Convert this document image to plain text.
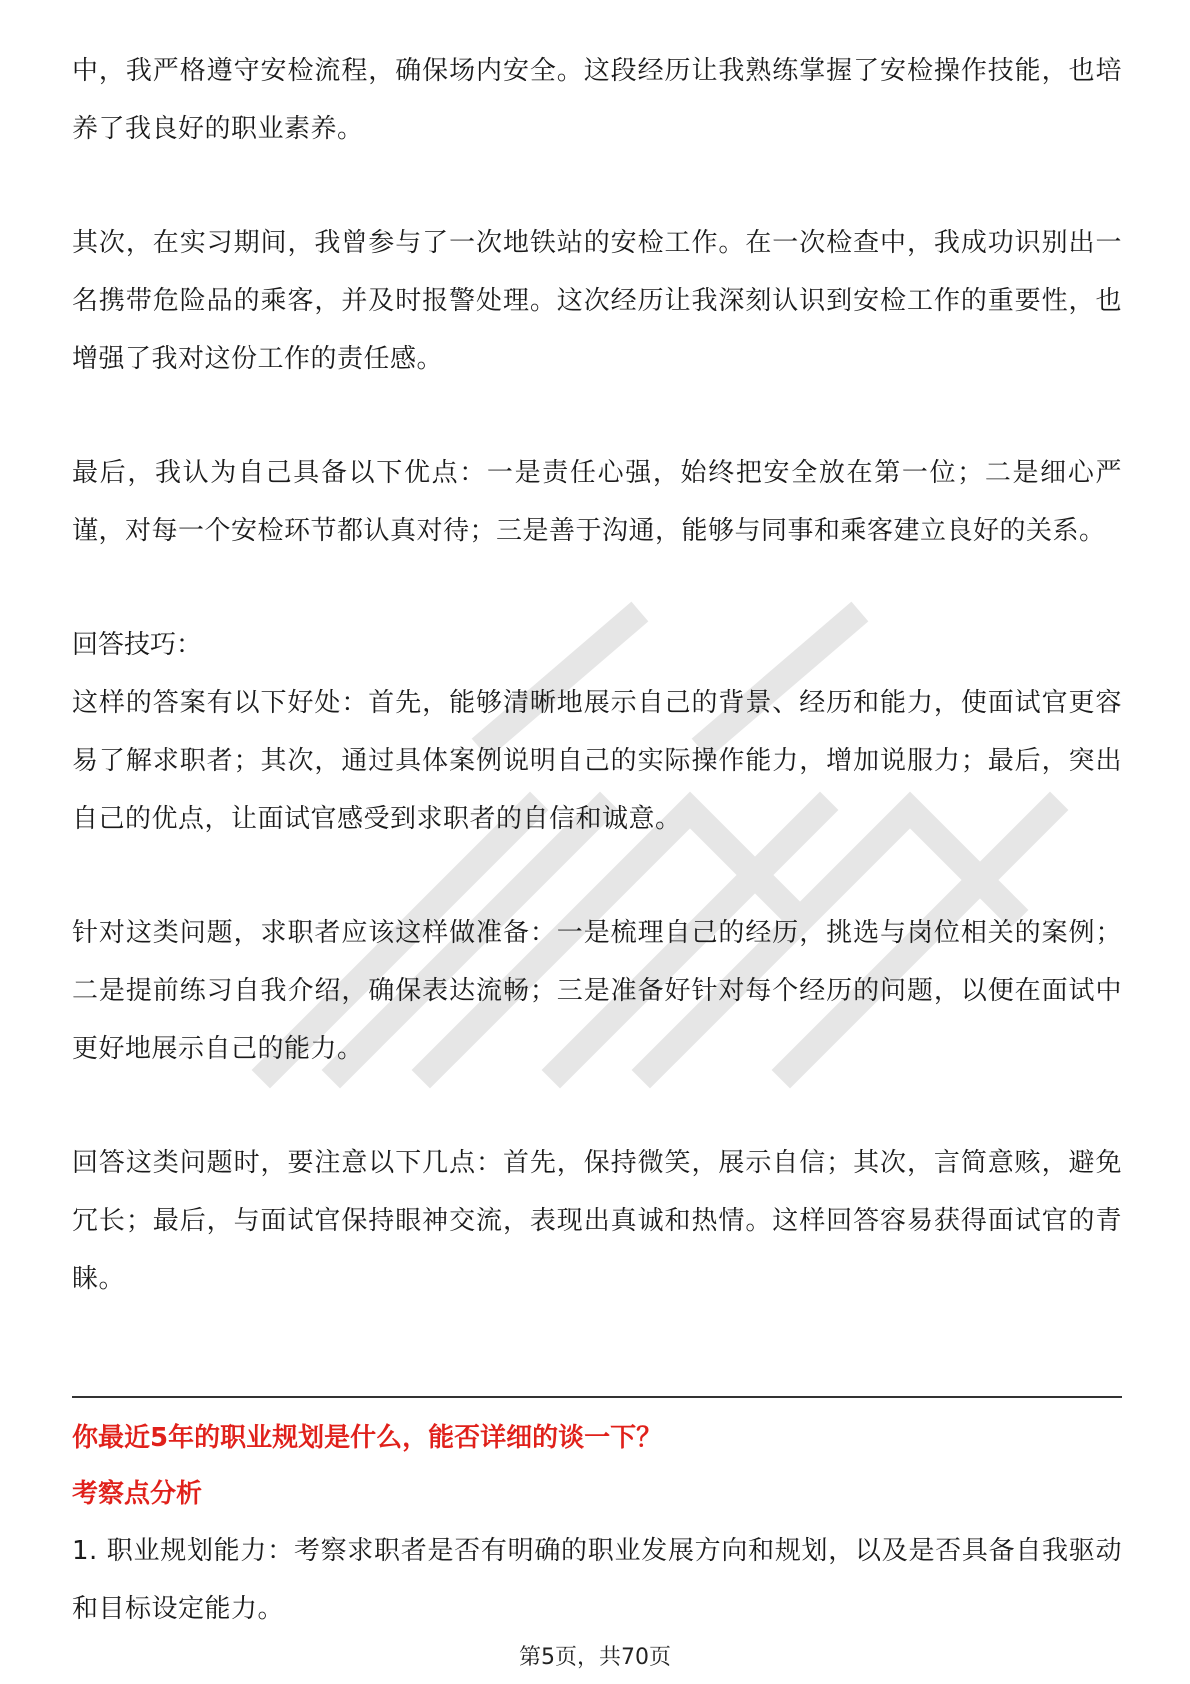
中，我严格遵守安检流程，确保场内安全。这段经历让我熟练掌握了安检操作技能，也培养了我良好的职业素养。

其次，在实习期间，我曾参与了一次地铁站的安检工作。在一次检查中，我成功识别出一名携带危险品的乘客，并及时报警处理。这次经历让我深刻认识到安检工作的重要性，也增强了我对这份工作的责任感。

最后，我认为自己具备以下优点：一是责任心强，始终把安全放在第一位；二是细心严谨，对每一个安检环节都认真对待；三是善于沟通，能够与同事和乘客建立良好的关系。

回答技巧：

这样的答案有以下好处：首先，能够清晰地展示自己的背景、经历和能力，使面试官更容易了解求职者；其次，通过具体案例说明自己的实际操作能力，增加说服力；最后，突出自己的优点，让面试官感受到求职者的自信和诚意。

针对这类问题，求职者应该这样做准备：一是梳理自己的经历，挑选与岗位相关的案例；二是提前练习自我介绍，确保表达流畅；三是准备好针对每个经历的问题，以便在面试中更好地展示自己的能力。

回答这类问题时，要注意以下几点：首先，保持微笑，展示自信；其次，言简意赅，避免冗长；最后，与面试官保持眼神交流，表现出真诚和热情。这样回答容易获得面试官的青睐。

你最近5年的职业规划是什么，能否详细的谈一下？

考察点分析

1. 职业规划能力：考察求职者是否有明确的职业发展方向和规划，以及是否具备自我驱动和目标设定能力。

第5页，共70页
